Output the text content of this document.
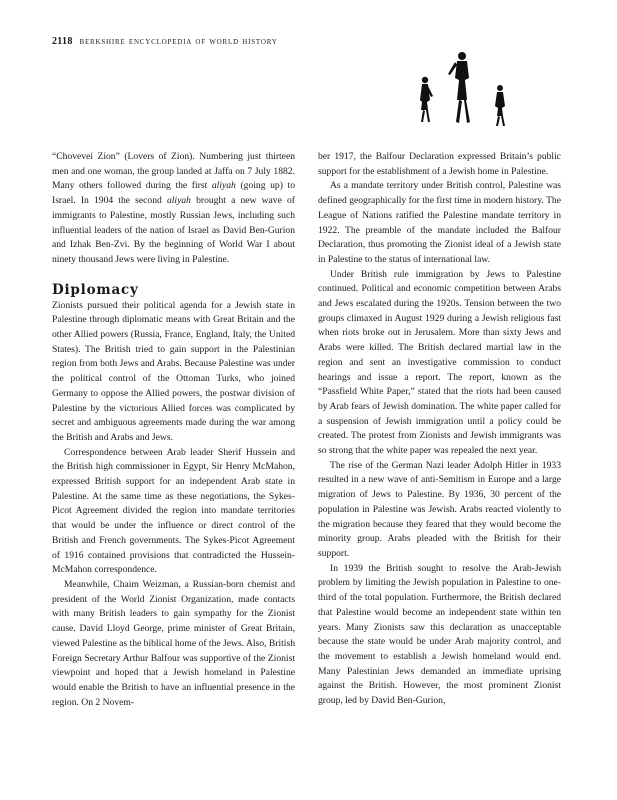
2118 berkshire encyclopedia of world history

“Chovevei Zion” (Lovers of Zion). Numbering just thirteen men and one woman, the group landed at Jaffa on 7 July 1882. Many others followed during the first aliyah (going up) to Israel. In 1904 the second aliyah brought a new wave of immigrants to Palestine, mostly Russian Jews, including such influential leaders of the nation of Israel as David Ben-Gurion and Izhak Ben-Zvi. By the beginning of World War I about ninety thousand Jews were living in Palestine.

Diplomacy

Zionists pursued their political agenda for a Jewish state in Palestine through diplomatic means with Great Britain and the other Allied powers (Russia, France, England, Italy, the United States). The British tried to gain support in the Palestinian region from both Jews and Arabs. Because Palestine was under the political control of the Ottoman Turks, who joined Germany to oppose the Allied powers, the postwar division of Palestine by the victorious Allied forces was complicated by secret and ambiguous agreements made during the war among the British and Arabs and Jews.

Correspondence between Arab leader Sherif Hussein and the British high commissioner in Egypt, Sir Henry McMahon, expressed British support for an independent Arab state in Palestine. At the same time as these negotiations, the Sykes-Picot Agreement divided the region into mandate territories that would be under the influence or direct control of the British and French governments. The Sykes-Picot Agreement of 1916 contained provisions that contradicted the Hussein-McMahon correspondence.

Meanwhile, Chaim Weizman, a Russian-born chemist and president of the World Zionist Organization, made contacts with many British leaders to gain sympathy for the Zionist cause. David Lloyd George, prime minister of Great Britain, viewed Palestine as the biblical home of the Jews. Also, British Foreign Secretary Arthur Balfour was supportive of the Zionist viewpoint and hoped that a Jewish homeland in Palestine would enable the British to have an influential presence in the region. On 2 Novem-

ber 1917, the Balfour Declaration expressed Britain’s public support for the establishment of a Jewish home in Palestine.

As a mandate territory under British control, Palestine was defined geographically for the first time in modern history. The League of Nations ratified the Palestine mandate territory in 1922. The preamble of the mandate included the Balfour Declaration, thus promoting the Zionist ideal of a Jewish state in Palestine to the status of international law.

Under British rule immigration by Jews to Palestine continued. Political and economic competition between Arabs and Jews escalated during the 1920s. Tension between the two groups climaxed in August 1929 during a Jewish religious fast when riots broke out in Jerusalem. More than sixty Jews and Arabs were killed. The British declared martial law in the region and sent an investigative commission to conduct hearings and issue a report. The report, known as the “Passfield White Paper,” stated that the riots had been caused by Arab fears of Jewish domination. The white paper called for a suspension of Jewish immigration until a policy could be created. The protest from Zionists and Jewish immigrants was so strong that the white paper was repealed the next year.

The rise of the German Nazi leader Adolph Hitler in 1933 resulted in a new wave of anti-Semitism in Europe and a large migration of Jews to Palestine. By 1936, 30 percent of the population in Palestine was Jewish. Arabs reacted violently to the migration because they feared that they would become the minority group. Arabs pleaded with the British for their support.

In 1939 the British sought to resolve the Arab-Jewish problem by limiting the Jewish population in Palestine to one-third of the total population. Furthermore, the British declared that Palestine would become an independent state within ten years. Many Zionists saw this declaration as unacceptable because the state would be under Arab majority control, and the movement to establish a Jewish homeland would end. Many Palestinian Jews demanded an immediate uprising against the British. However, the most prominent Zionist group, led by David Ben-Gurion,
